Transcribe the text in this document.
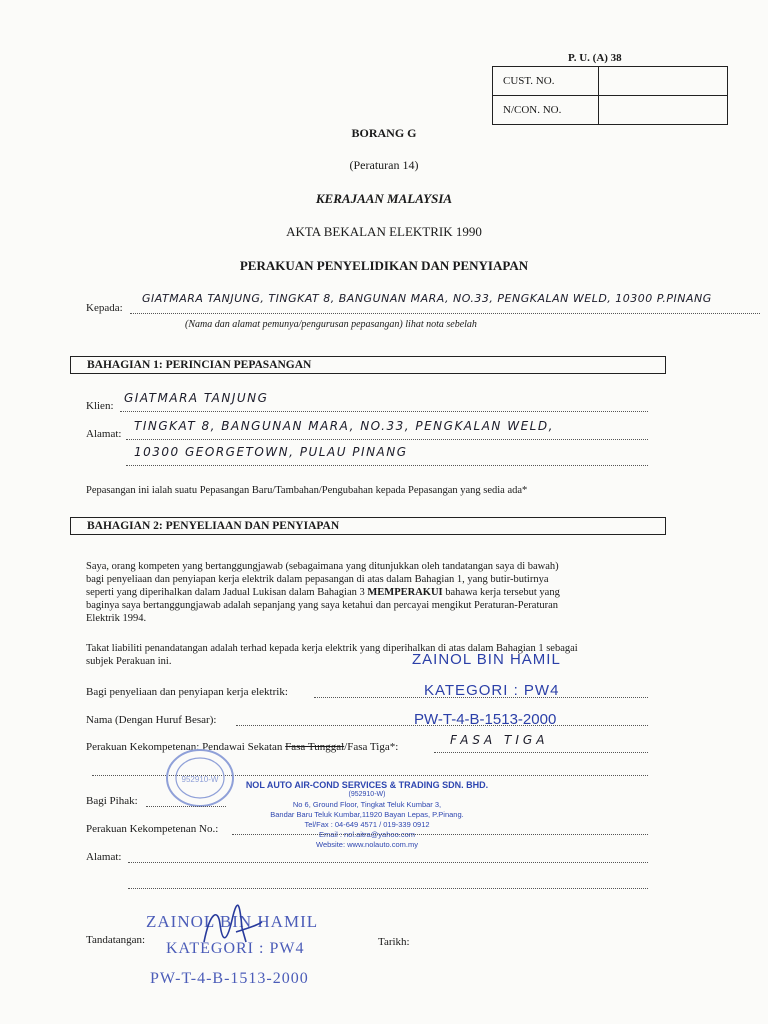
P. U. (A) 38
CUST. NO.	
N/CON. NO.	
BORANG G
(Peraturan 14)
KERAJAAN MALAYSIA
AKTA BEKALAN ELEKTRIK 1990
PERAKUAN PENYELIDIKAN DAN PENYIAPAN
Kepada:
GIATMARA TANJUNG, TINGKAT 8, BANGUNAN MARA, NO.33, PENGKALAN WELD, 10300 P.PINANG
(Nama dan alamat pemunya/pengurusan pepasangan) lihat nota sebelah
BAHAGIAN 1: PERINCIAN PEPASANGAN
Klien:
GIATMARA TANJUNG
Alamat:
TINGKAT 8, BANGUNAN MARA, NO.33, PENGKALAN WELD,
10300 GEORGETOWN, PULAU PINANG
Pepasangan ini ialah suatu Pepasangan Baru/Tambahan/Pengubahan kepada Pepasangan yang sedia ada*
BAHAGIAN 2: PENYELIAAN DAN PENYIAPAN
Saya, orang kompeten yang bertanggungjawab (sebagaimana yang ditunjukkan oleh tandatangan saya di bawah)
bagi penyeliaan dan penyiapan kerja elektrik dalam pepasangan di atas dalam Bahagian 1, yang butir-butirnya
seperti yang diperihalkan dalam Jadual Lukisan dalam Bahagian 3 MEMPERAKUI bahawa kerja tersebut yang
baginya saya bertanggungjawab adalah sepanjang yang saya ketahui dan percayai mengikut Peraturan-Peraturan
Elektrik 1994.
Takat liabiliti penandatangan adalah terhad kepada kerja elektrik yang diperihalkan di atas dalam Bahagian 1 sebagai
subjek Perakuan ini.	ZAINOL BIN HAMIL
Bagi penyeliaan dan penyiapan kerja elektrik:	KATEGORI : PW4
Nama (Dengan Huruf Besar):	PW-T-4-B-1513-2000
Perakuan Kekompetenan: Pendawai Sekatan Fasa Tunggal/Fasa Tiga*:	FASA TIGA
952910-W
NOL AUTO AIR-COND SERVICES & TRADING SDN. BHD.
(952910-W)
No 6, Ground Floor, Tingkat Teluk Kumbar 3,
Bandar Baru Teluk Kumbar,11920 Bayan Lepas, P.Pinang.
Tel/Fax : 04-649 4571 / 019-339 0912
Email : nol.aitra@yahoo.com
Website: www.nolauto.com.my
Bagi Pihak:
Perakuan Kekompetenan No.:
Alamat:
ZAINOL BIN HAMIL
Tandatangan: KATEGORI : PW4
PW-T-4-B-1513-2000
Tarikh:
